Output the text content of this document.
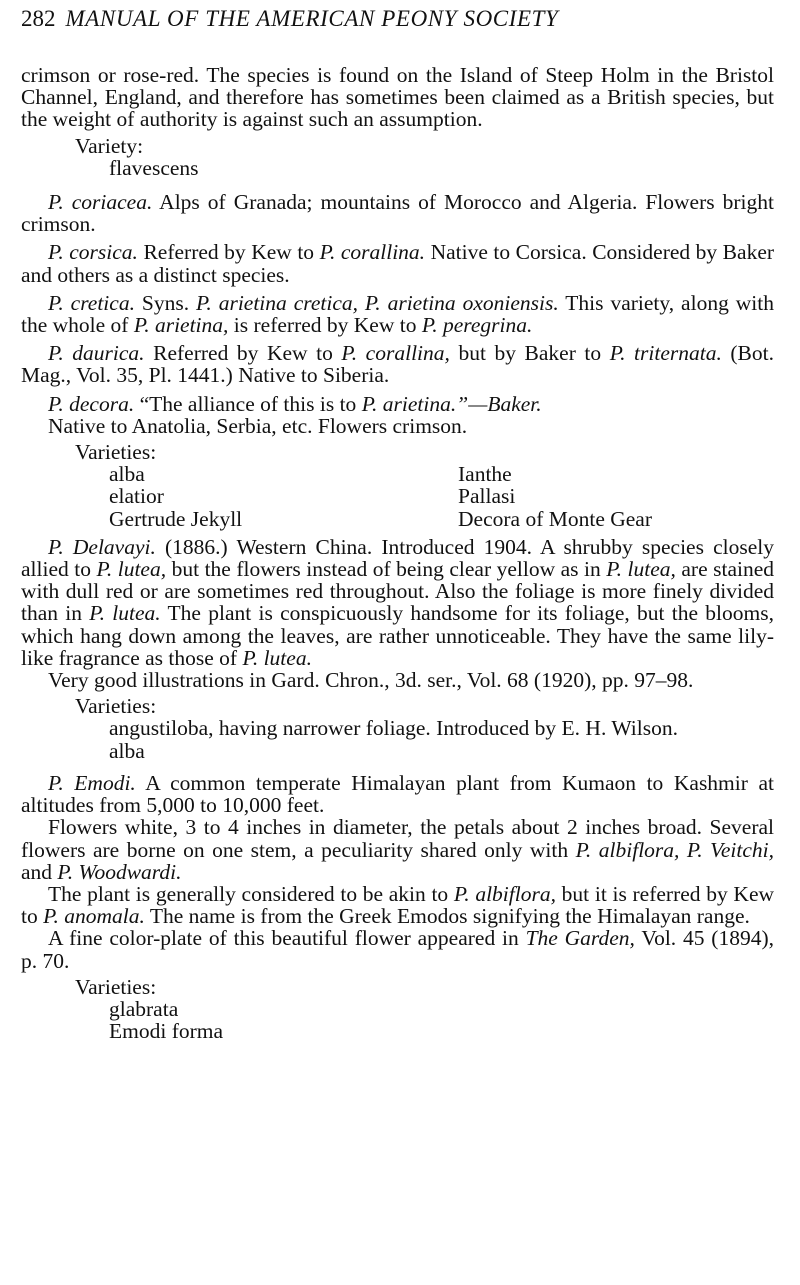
282 MANUAL OF THE AMERICAN PEONY SOCIETY

crimson or rose-red. The species is found on the Island of Steep Holm in the Bristol Channel, England, and therefore has sometimes been claimed as a British species, but the weight of authority is against such an assumption.

Variety:

flavescens

P. coriacea. Alps of Granada; mountains of Morocco and Algeria. Flowers bright crimson.

P. corsica. Referred by Kew to P. corallina. Native to Corsica. Considered by Baker and others as a distinct species.

P. cretica. Syns. P. arietina cretica, P. arietina oxoniensis. This variety, along with the whole of P. arietina, is referred by Kew to P. peregrina.

P. daurica. Referred by Kew to P. corallina, but by Baker to P. triternata. (Bot. Mag., Vol. 35, Pl. 1441.) Native to Siberia.

P. decora. “The alliance of this is to P. arietina.”—Baker.

Native to Anatolia, Serbia, etc. Flowers crimson.

Varieties:

alba
elatior
Gertrude Jekyll
Ianthe
Pallasi
Decora of Monte Gear

P. Delavayi. (1886.) Western China. Introduced 1904. A shrubby species closely allied to P. lutea, but the flowers instead of being clear yellow as in P. lutea, are stained with dull red or are sometimes red throughout. Also the foliage is more finely divided than in P. lutea. The plant is conspicuously handsome for its foliage, but the blooms, which hang down among the leaves, are rather unnoticeable. They have the same lily-like fragrance as those of P. lutea.

Very good illustrations in Gard. Chron., 3d. ser., Vol. 68 (1920), pp. 97–98.

Varieties:

angustiloba, having narrower foliage. Introduced by E. H. Wilson.

alba

P. Emodi. A common temperate Himalayan plant from Kumaon to Kashmir at altitudes from 5,000 to 10,000 feet.

Flowers white, 3 to 4 inches in diameter, the petals about 2 inches broad. Several flowers are borne on one stem, a peculiarity shared only with P. albiflora, P. Veitchi, and P. Woodwardi.

The plant is generally considered to be akin to P. albiflora, but it is referred by Kew to P. anomala. The name is from the Greek Emodos signifying the Himalayan range.

A fine color-plate of this beautiful flower appeared in The Garden, Vol. 45 (1894), p. 70.

Varieties:

glabrata

Emodi forma
